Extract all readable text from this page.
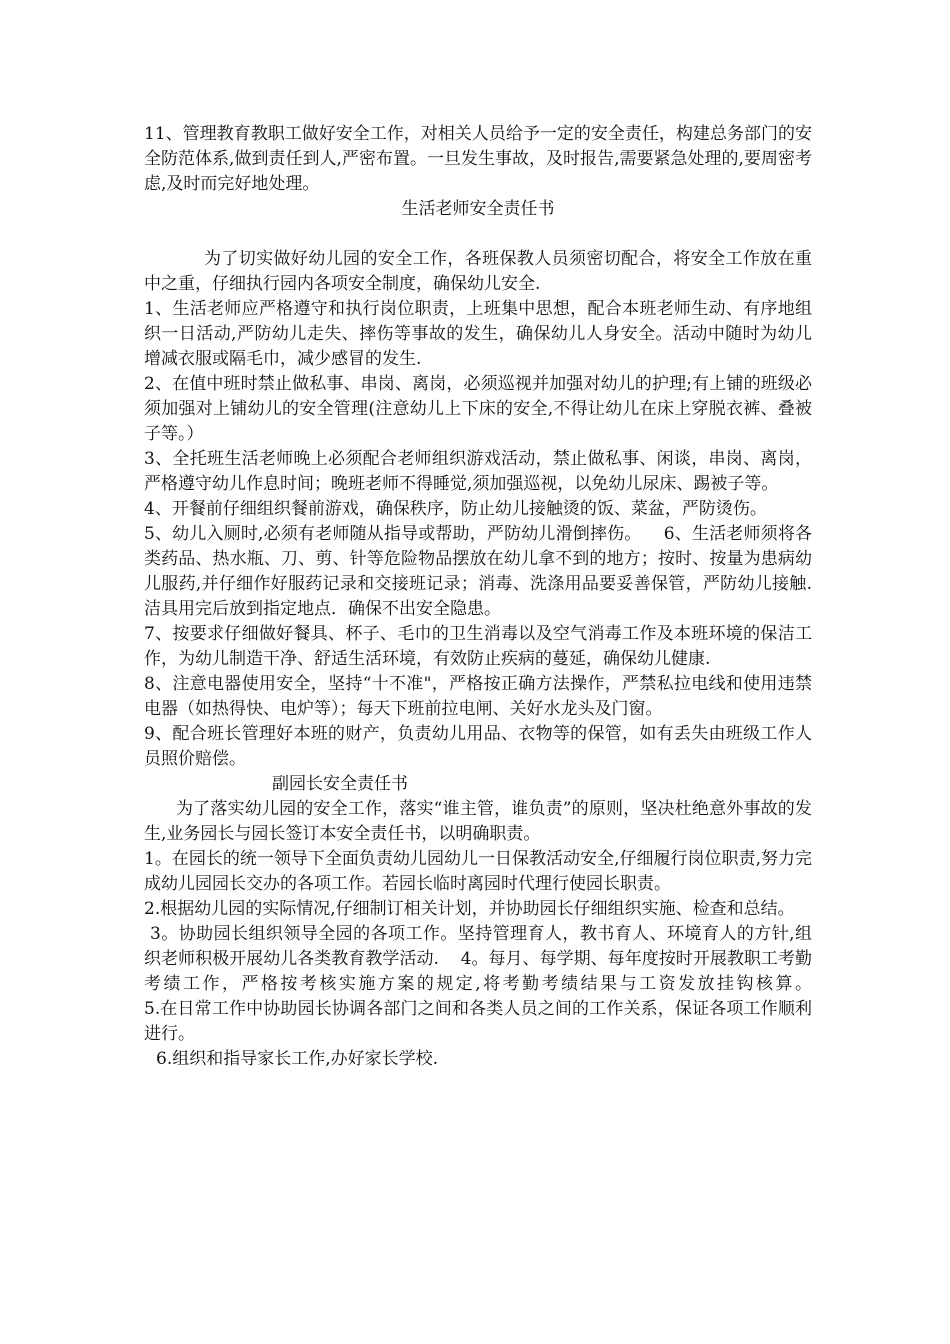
11、管理教育教职工做好安全工作，对相关人员给予一定的安全责任，构建总务部门的安全防范体系,做到责任到人,严密布置。一旦发生事故，及时报告,需要紧急处理的,要周密考虑,及时而完好地处理。

生活老师安全责任书

为了切实做好幼儿园的安全工作，各班保教人员须密切配合，将安全工作放在重中之重，仔细执行园内各项安全制度，确保幼儿安全.

1、生活老师应严格遵守和执行岗位职责，上班集中思想，配合本班老师生动、有序地组织一日活动,严防幼儿走失、摔伤等事故的发生，确保幼儿人身安全。活动中随时为幼儿增减衣服或隔毛巾，减少感冒的发生.

2、在值中班时禁止做私事、串岗、离岗，必须巡视并加强对幼儿的护理;有上铺的班级必须加强对上铺幼儿的安全管理(注意幼儿上下床的安全,不得让幼儿在床上穿脱衣裤、叠被子等。）

3、全托班生活老师晚上必须配合老师组织游戏活动，禁止做私事、闲谈，串岗、离岗，严格遵守幼儿作息时间；晚班老师不得睡觉,须加强巡视，以免幼儿尿床、踢被子等。

4、开餐前仔细组织餐前游戏，确保秩序，防止幼儿接触烫的饭、菜盆，严防烫伤。

5、幼儿入厕时,必须有老师随从指导或帮助，严防幼儿滑倒摔伤。    6、生活老师须将各类药品、热水瓶、刀、剪、针等危险物品摆放在幼儿拿不到的地方；按时、按量为患病幼儿服药,并仔细作好服药记录和交接班记录；消毒、洗涤用品要妥善保管，严防幼儿接触.洁具用完后放到指定地点．确保不出安全隐患。

7、按要求仔细做好餐具、杯子、毛巾的卫生消毒以及空气消毒工作及本班环境的保洁工作，为幼儿制造干净、舒适生活环境，有效防止疾病的蔓延，确保幼儿健康.

8、注意电器使用安全，坚持“十不准"，严格按正确方法操作，严禁私拉电线和使用违禁电器（如热得快、电炉等）；每天下班前拉电闸、关好水龙头及门窗。

9、配合班长管理好本班的财产，负责幼儿用品、衣物等的保管，如有丢失由班级工作人员照价赔偿。

副园长安全责任书

为了落实幼儿园的安全工作，落实“谁主管，谁负责”的原则，坚决杜绝意外事故的发生,业务园长与园长签订本安全责任书，以明确职责。

1。在园长的统一领导下全面负责幼儿园幼儿一日保教活动安全,仔细履行岗位职责,努力完成幼儿园园长交办的各项工作。若园长临时离园时代理行使园长职责。

2.根据幼儿园的实际情况,仔细制订相关计划，并协助园长仔细组织实施、检查和总结。

3。协助园长组织领导全园的各项工作。坚持管理育人，教书育人、环境育人的方针,组织老师积极开展幼儿各类教育教学活动.    4。每月、每学期、每年度按时开展教职工考勤考绩工作，严格按考核实施方案的规定,将考勤考绩结果与工资发放挂钩核算。              5.在日常工作中协助园长协调各部门之间和各类人员之间的工作关系，保证各项工作顺利进行。

6.组织和指导家长工作,办好家长学校.
